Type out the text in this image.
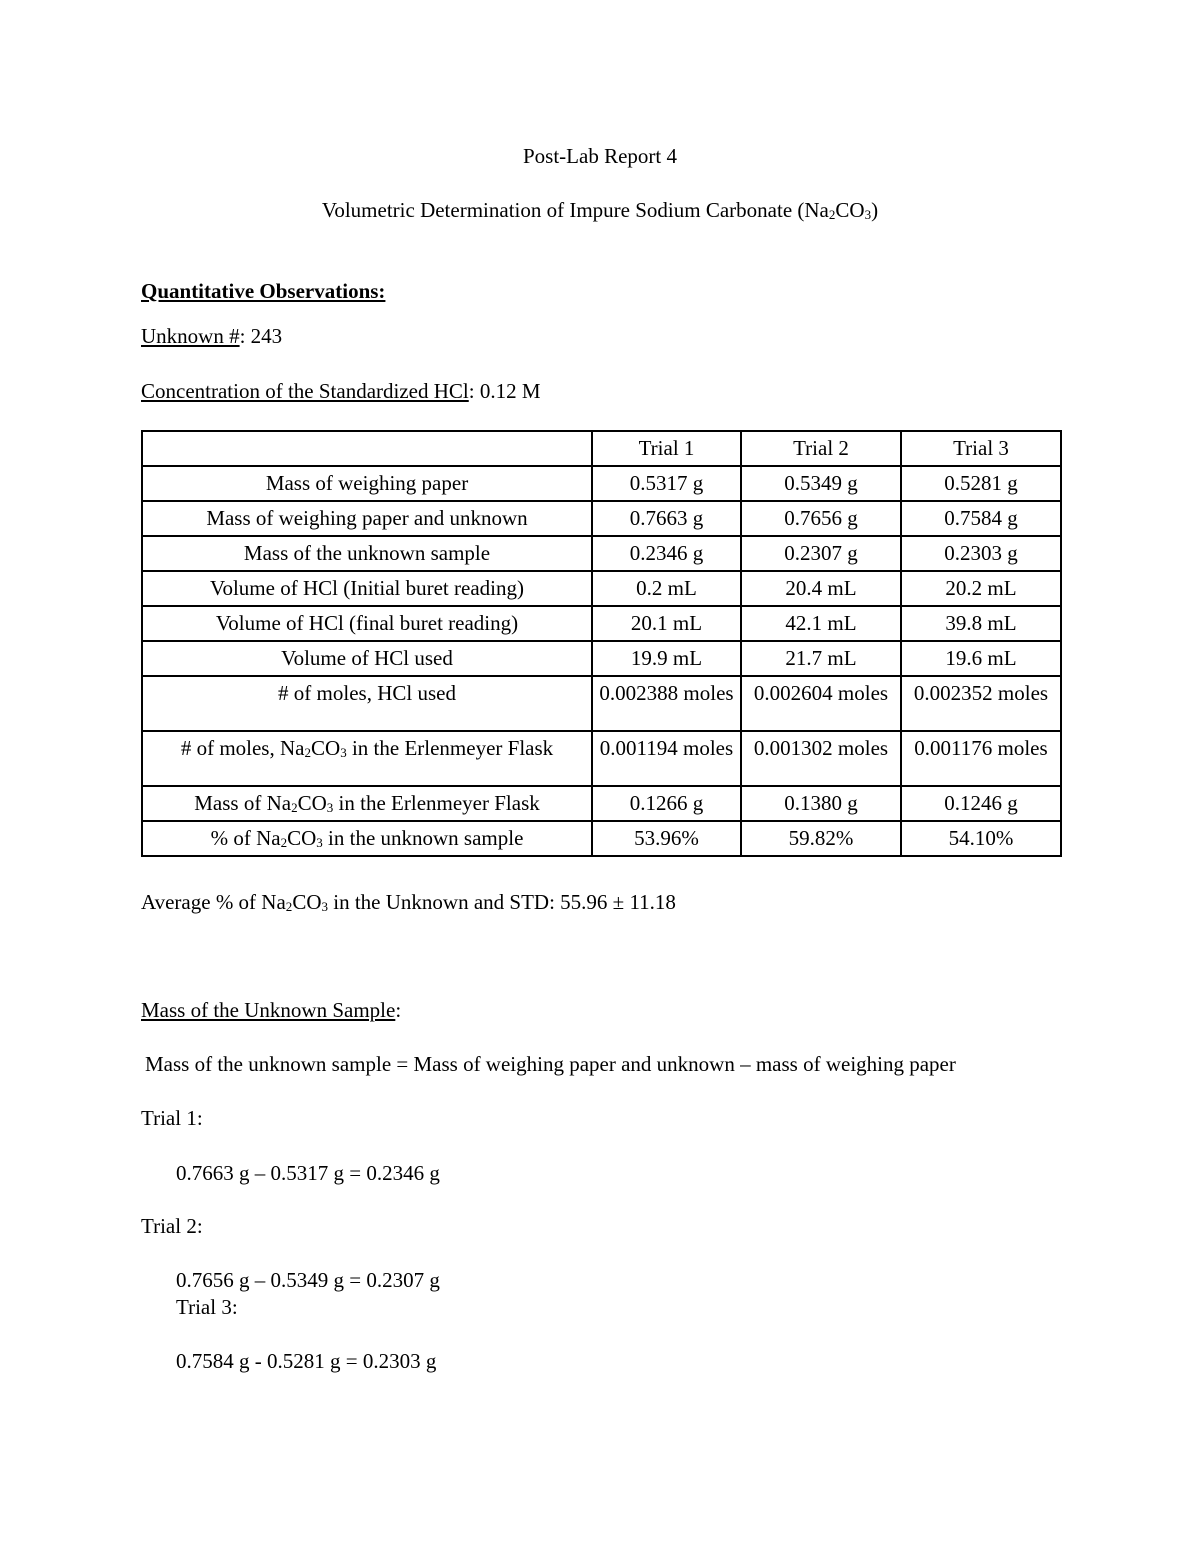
Post-Lab Report 4
Volumetric Determination of Impure Sodium Carbonate $(Na_2CO_3)$
Quantitative Observations:
Unknown #: 243
Concentration of the Standardized HCl: 0.12 M
	Trial 1	Trial 2	Trial 3
Mass of weighing paper	0.5317 g	0.5349 g	0.5281 g
Mass of weighing paper and unknown	0.7663 g	0.7656 g	0.7584 g
Mass of the unknown sample	0.2346 g	0.2307 g	0.2303 g
Volume of HCl (Initial buret reading)	0.2 mL	20.4 mL	20.2 mL
Volume of HCl (final buret reading)	20.1 mL	42.1 mL	39.8 mL
Volume of HCl used	19.9 mL	21.7 mL	19.6 mL
# of moles, HCl used	0.002388 moles	0.002604 moles	0.002352 moles
# of moles, $Na_2CO_3$ in the Erlenmeyer Flask	0.001194 moles	0.001302 moles	0.001176 moles
Mass of $Na_2CO_3$ in the Erlenmeyer Flask	0.1266 g	0.1380 g	0.1246 g
% of $Na_2CO_3$ in the unknown sample	53.96%	59.82%	54.10%
Average % of $Na_2CO_3$ in the Unknown and STD: 55.96 ± 11.18
Mass of the Unknown Sample:
Mass of the unknown sample = Mass of weighing paper and unknown – mass of weighing paper
Trial 1:
0.7663 g – 0.5317 g = 0.2346 g
Trial 2:
0.7656 g – 0.5349 g = 0.2307 g
Trial 3:
0.7584 g - 0.5281 g = 0.2303 g
